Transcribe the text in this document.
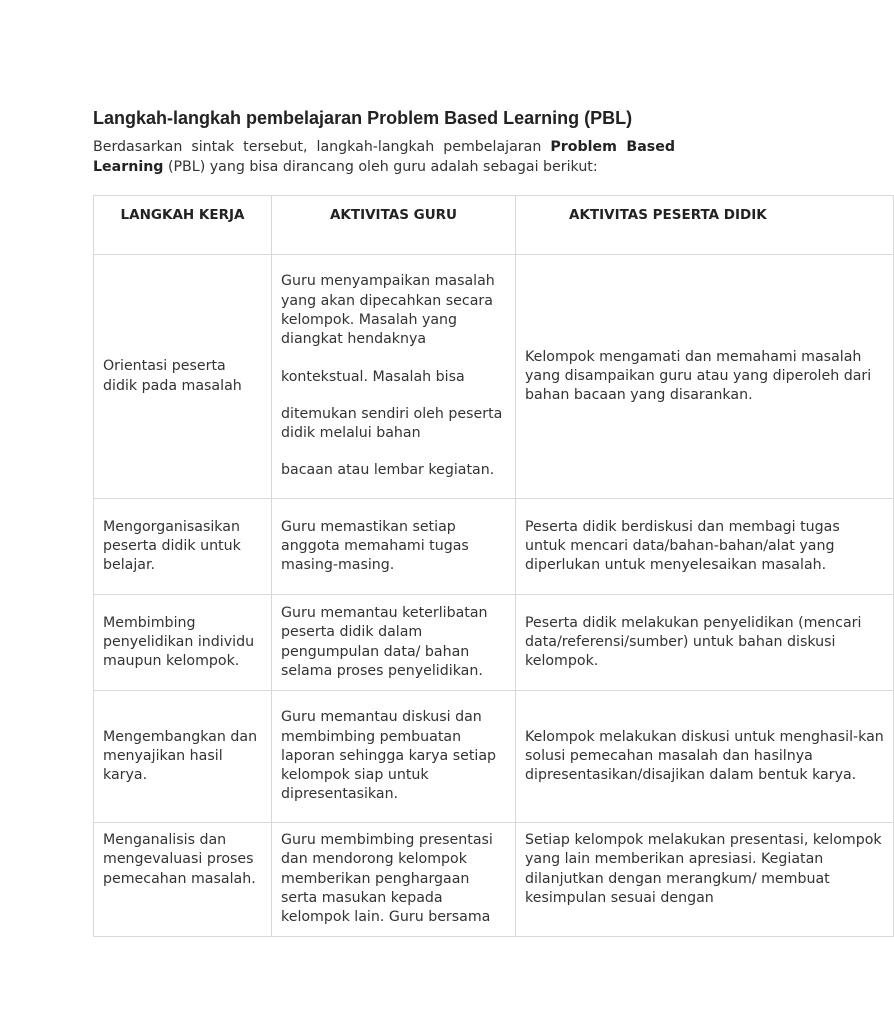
Langkah-langkah pembelajaran Problem Based Learning (PBL)

Berdasarkan sintak tersebut, langkah-langkah pembelajaran Problem Based Learning (PBL) yang bisa dirancang oleh guru adalah sebagai berikut:

LANGKAH KERJA	AKTIVITAS GURU	AKTIVITAS PESERTA DIDIK
Orientasi peserta didik pada masalah	Guru menyampaikan masalah yang akan dipecahkan secara kelompok. Masalah yang diangkat hendaknya

kontekstual. Masalah bisa

ditemukan sendiri oleh peserta didik melalui bahan

bacaan atau lembar kegiatan.	Kelompok mengamati dan memahami masalah yang disampaikan guru atau yang diperoleh dari bahan bacaan yang disarankan.
Mengorganisasikan peserta didik untuk belajar.	Guru memastikan setiap anggota memahami tugas masing-masing.	Peserta didik berdiskusi dan membagi tugas untuk mencari data/bahan-bahan/alat yang diperlukan untuk menyelesaikan masalah.
Membimbing penyelidikan individu maupun kelompok.	Guru memantau keterlibatan peserta didik dalam pengumpulan data/ bahan selama proses penyelidikan.	Peserta didik melakukan penyelidikan (mencari data/referensi/sumber) untuk bahan diskusi kelompok.
Mengembangkan dan menyajikan hasil karya.	Guru memantau diskusi dan membimbing pembuatan laporan sehingga karya setiap kelompok siap untuk dipresentasikan.	Kelompok melakukan diskusi untuk menghasil-kan solusi pemecahan masalah dan hasilnya dipresentasikan/disajikan dalam bentuk karya.
Menganalisis dan mengevaluasi proses pemecahan masalah.	Guru membimbing presentasi dan mendorong kelompok memberikan penghargaan serta masukan kepada kelompok lain. Guru bersama	Setiap kelompok melakukan presentasi, kelompok yang lain memberikan apresiasi. Kegiatan dilanjutkan dengan merangkum/ membuat kesimpulan sesuai dengan
